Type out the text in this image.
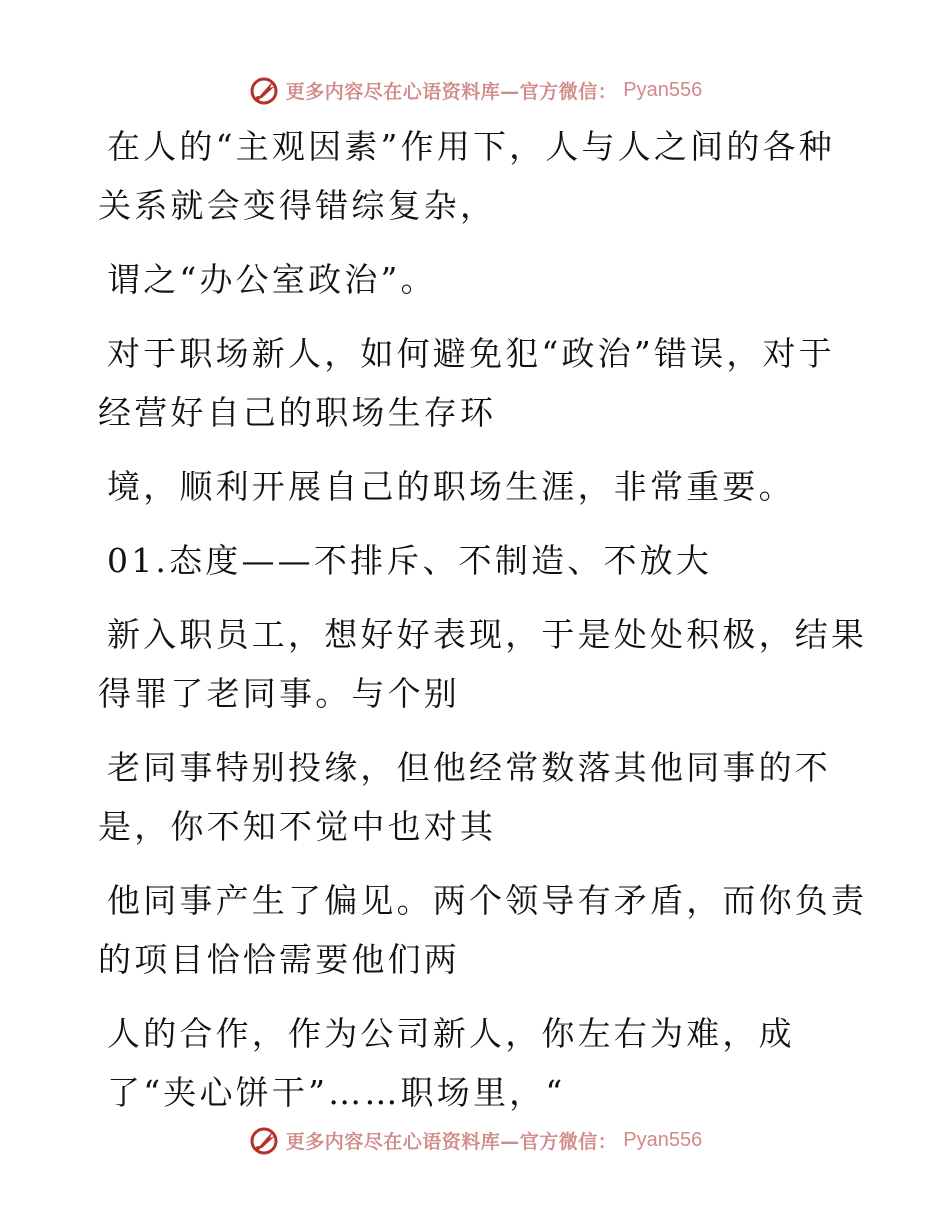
更多内容尽在心语资料库—官方微信： Pyan556
在人的“主观因素”作用下，人与人之间的各种
关系就会变得错综复杂，
谓之“办公室政治”。
对于职场新人，如何避免犯“政治”错误，对于
经营好自己的职场生存环
境，顺利开展自己的职场生涯，非常重要。
01.态度——不排斥、不制造、不放大
新入职员工，想好好表现，于是处处积极，结果
得罪了老同事。与个别
老同事特别投缘，但他经常数落其他同事的不
是，你不知不觉中也对其
他同事产生了偏见。两个领导有矛盾，而你负责
的项目恰恰需要他们两
人的合作，作为公司新人，你左右为难，成
了“夹心饼干”……职场里，“
更多内容尽在心语资料库—官方微信： Pyan556
